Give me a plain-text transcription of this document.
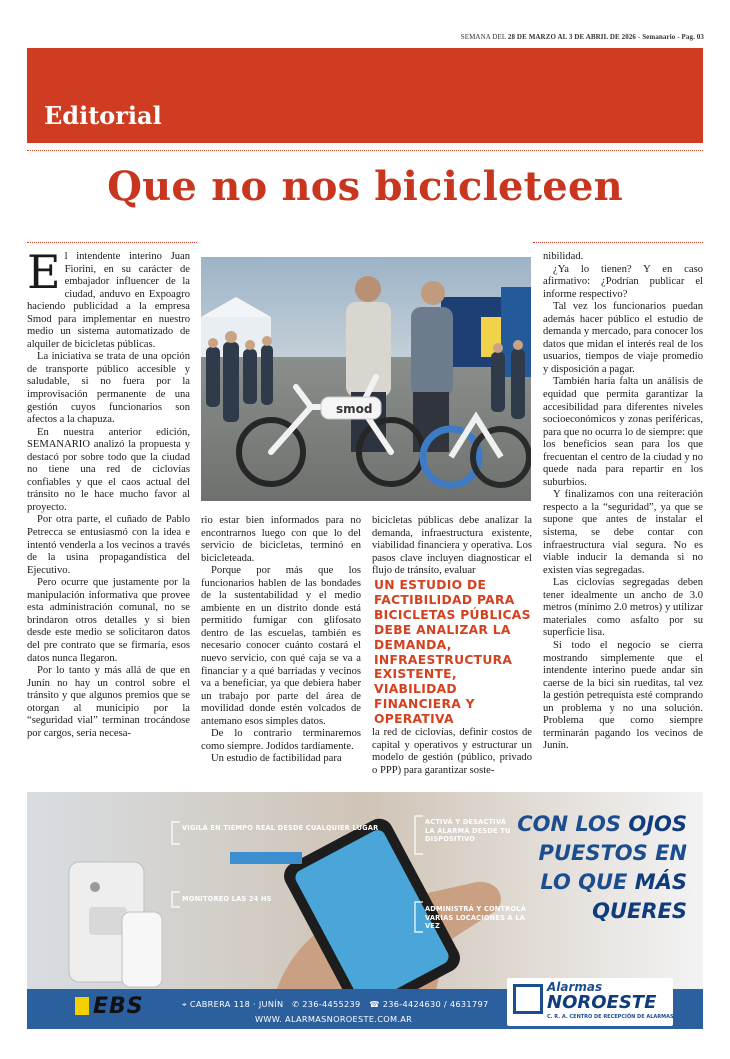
SEMANA DEL 28 DE MARZO AL 3 DE ABRIL DE 2026 - Semanario - Pag. 03
Editorial
Que no nos bicicleteen

El intendente interino Juan Fiorini, en su carácter de embajador influencer de la ciudad, anduvo en Expoagro haciendo publicidad a la empresa Smod para implementar en nuestro medio un sistema automatizado de alquiler de bicicletas públicas.

La iniciativa se trata de una opción de transporte público accesible y saludable, si no fuera por la improvisación permanente de una gestión cuyos funcionarios son afectos a la chapuza.

En nuestra anterior edición, SEMANARIO analizó la propuesta y destacó por sobre todo que la ciudad no tiene una red de ciclovías confiables y que el caos actual del tránsito no le hace mucho favor al proyecto.

Por otra parte, el cuñado de Pablo Petrecca se entusiasmó con la idea e intentó venderla a los vecinos a través de la usina propagandística del Ejecutivo.

Pero ocurre que justamente por la manipulación informativa que provee esta administración comunal, no se brindaron otros detalles y si bien desde este medio se solicitaron datos del pre contrato que se firmaría, esos datos nunca llegaron.

Por lo tanto y más allá de que en Junín no hay un control sobre el tránsito y que algunos premios que se otorgan al municipio por la “seguridad vial” terminan trocándose por cargos, sería necesa-

smod

rio estar bien informados para no encontrarnos luego con que lo del servicio de bicicletas, terminó en bicicleteada.

Porque por más que los funcionarios hablen de las bondades de la sustentabilidad y el medio ambiente en un distrito donde está permitido fumigar con glifosato dentro de las escuelas, también es necesario conocer cuánto costará el nuevo servicio, con qué caja se va a financiar y a qué barriadas y vecinos va a beneficiar, ya que debiera haber un trabajo por parte del área de movilidad donde estén volcados de antemano esos simples datos.

De lo contrario terminaremos como siempre. Jodidos tardíamente.

Un estudio de factibilidad para

bicicletas públicas debe analizar la demanda, infraestructura existente, viabilidad financiera y operativa. Los pasos clave incluyen diagnosticar el flujo de tránsito, evaluar

UN ESTUDIO DE FACTIBILIDAD PARA BICICLETAS PÚBLICAS DEBE ANALIZAR LA DEMANDA, INFRAESTRUCTURA EXISTENTE, VIABILIDAD FINANCIERA Y OPERATIVA

la red de ciclovías, definir costos de capital y operativos y estructurar un modelo de gestión (público, privado o PPP) para garantizar soste-

nibilidad.

¿Ya lo tienen? Y en caso afirmativo: ¿Podrían publicar el informe respectivo?

Tal vez los funcionarios puedan además hacer público el estudio de demanda y mercado, para conocer los datos que midan el interés real de los usuarios, tiempos de viaje promedio y disposición a pagar.

También haría falta un análisis de equidad que permita garantizar la accesibilidad para diferentes niveles socioeconómicos y zonas periféricas, para que no ocurra lo de siempre: que los beneficios sean para los que frecuentan el centro de la ciudad y no quede nada para repartir en los suburbios.

Y finalizamos con una reiteración respecto a la “seguridad”, ya que se supone que antes de instalar el sistema, se debe contar con infraestructura vial segura. No es viable inducir la demanda si no existen vías segregadas.

Las ciclovías segregadas deben tener idealmente un ancho de 3.0 metros (mínimo 2.0 metros) y utilizar materiales como asfalto por su superficie lisa.

Si todo el negocio se cierra mostrando simplemente que el intendente interino puede andar sin caerse de la bici sin rueditas, tal vez la gestión petrequista esté comprando un problema y no una solución. Problema que como siempre terminarán pagando los vecinos de Junín.

VIGILÁ EN TIEMPO REAL DESDE CUALQUIER LUGAR
ACTIVÁ Y DESACTIVÁ LA ALARMA DESDE TU DISPOSITIVO
MONITOREO LAS 24 HS
ADMINISTRÁ Y CONTROLÁ VARIAS LOCACIONES A LA VEZ
CON LOS OJOS
PUESTOS EN
LO QUE MÁS
QUERES
EBS	⌖ CABRERA 118 · JUNÍN ✆ 236-4455239 ☎ 236-4424630 / 4631797
WWW. ALARMASNOROESTE.COM.AR
Alarmas
NOROESTE
C. R. A. CENTRO DE RECEPCIÓN DE ALARMAS
